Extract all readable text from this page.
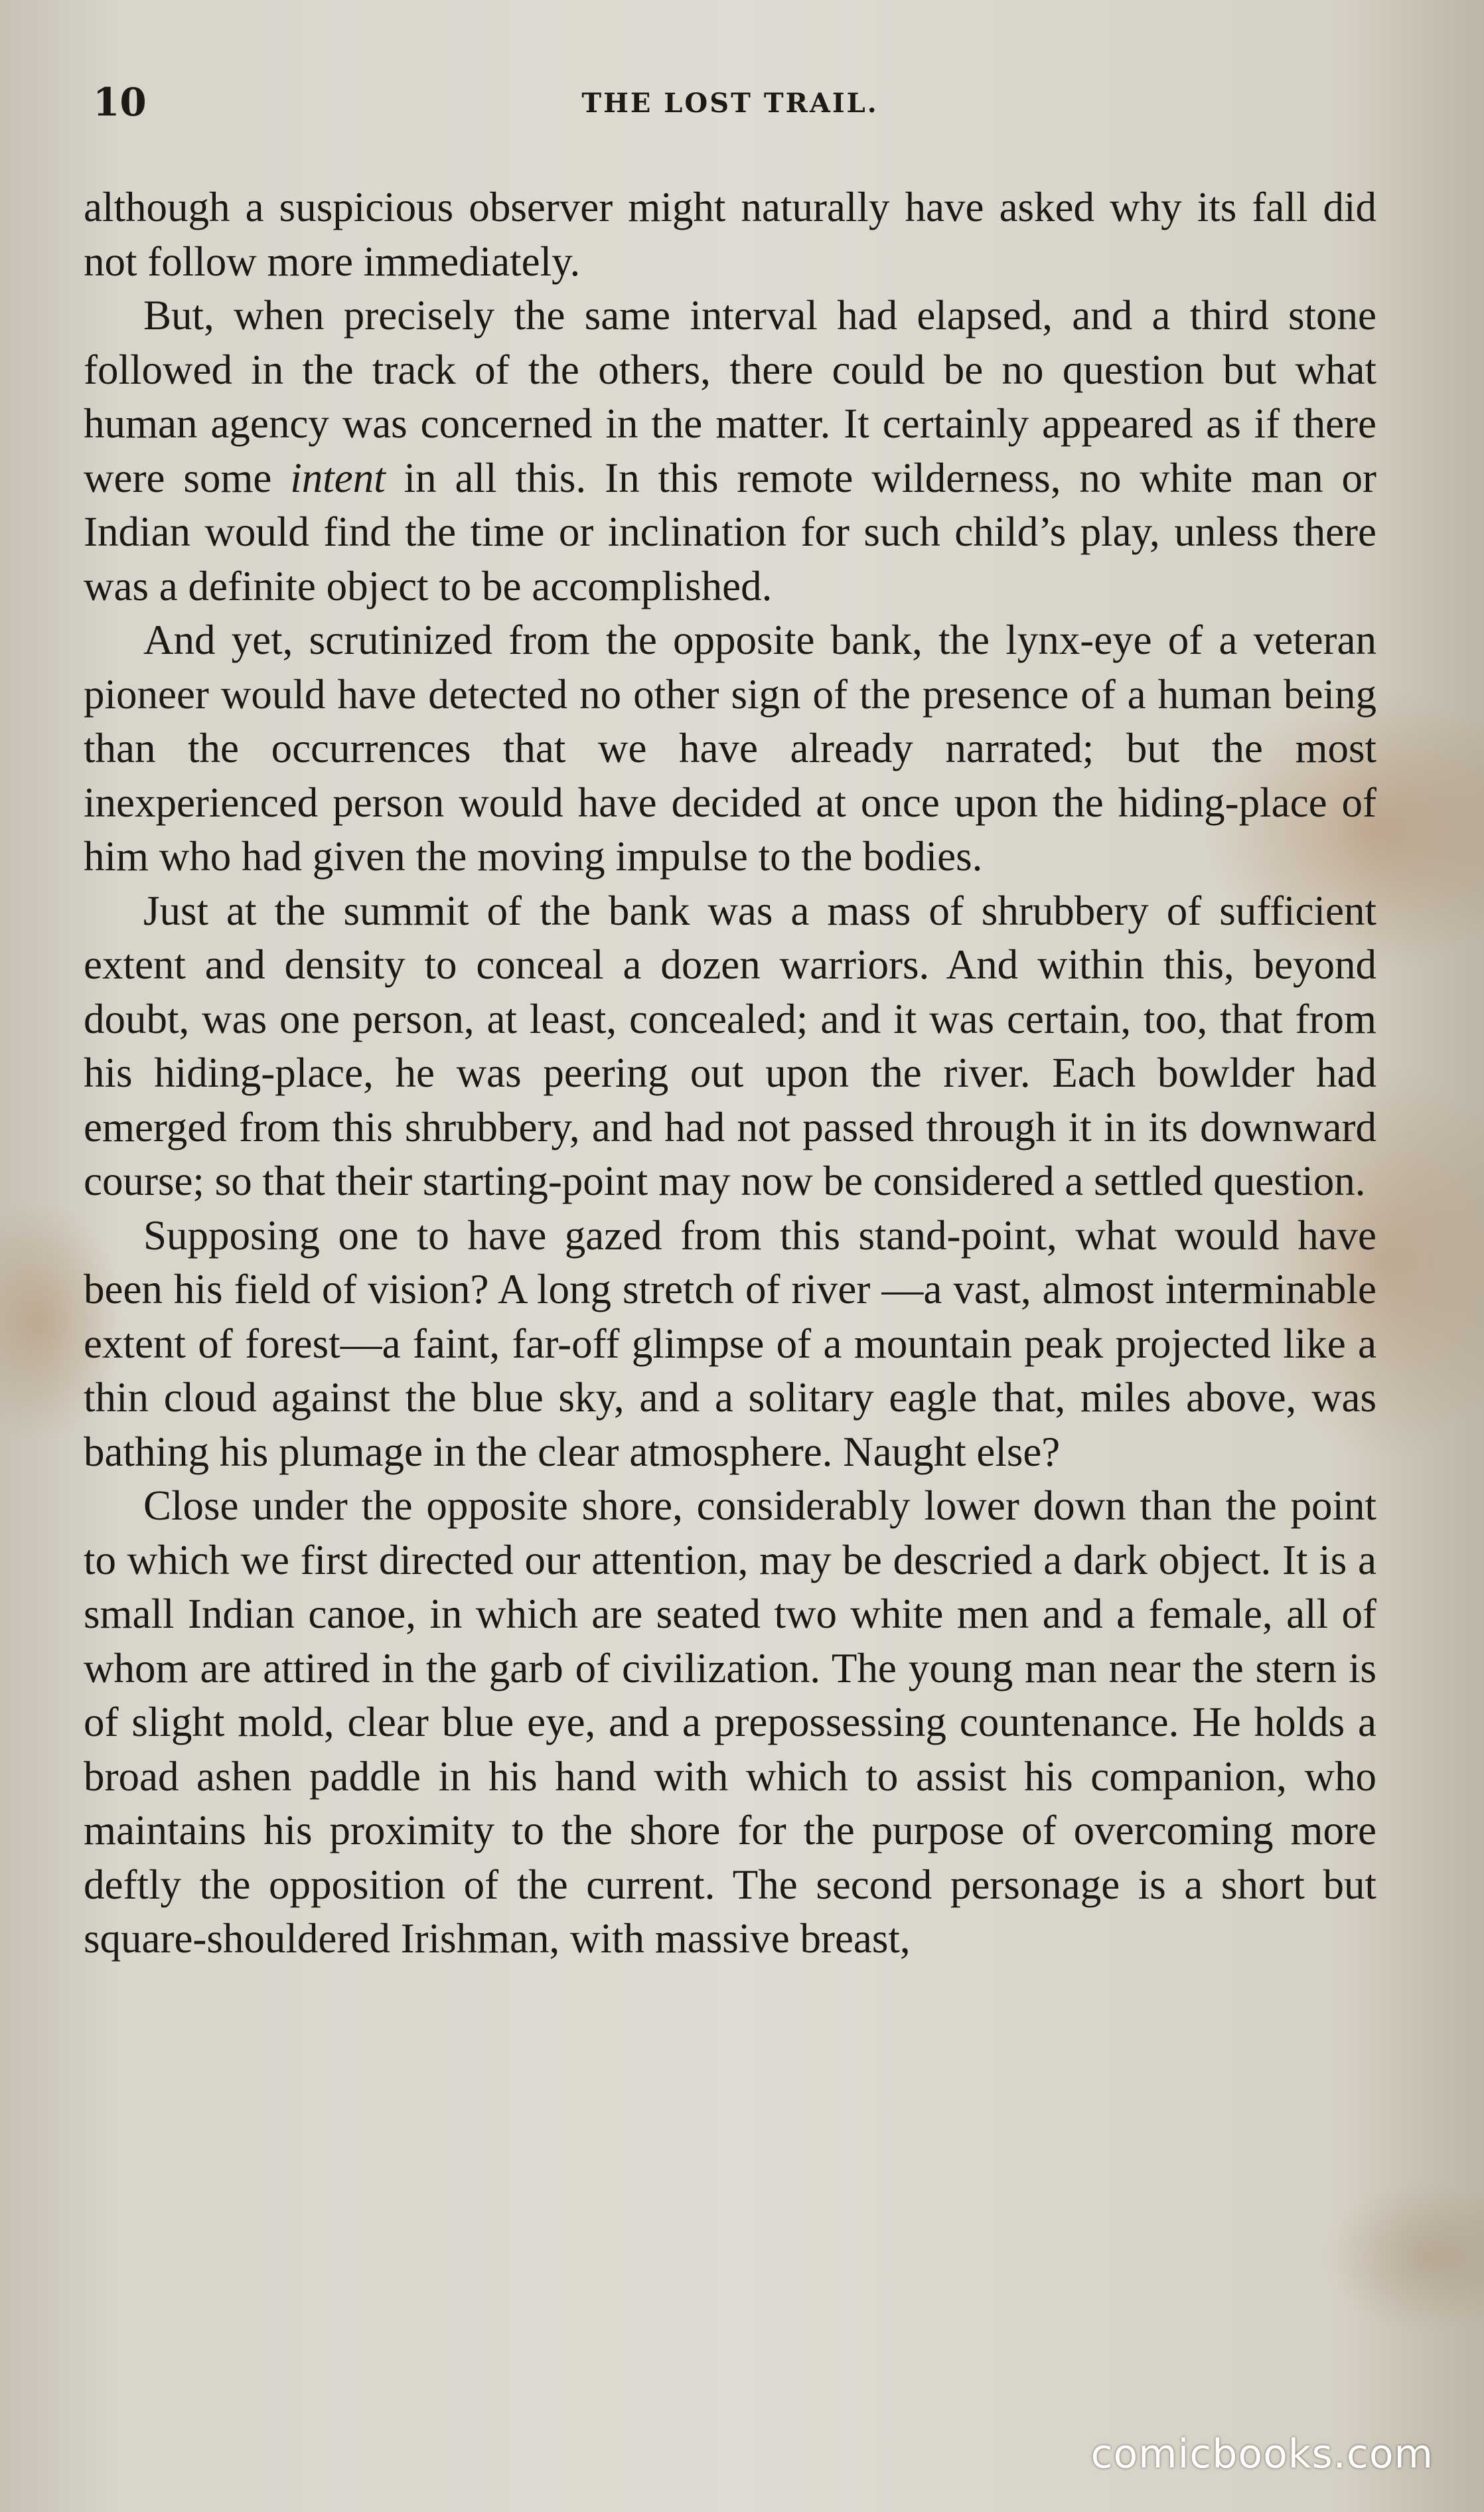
10	THE LOST TRAIL.

although a suspicious observer might naturally have asked why its fall did not follow more immediately.

But, when precisely the same interval had elapsed, and a third stone followed in the track of the others, there could be no question but what human agency was concerned in the matter. It certainly appeared as if there were some intent in all this. In this remote wilderness, no white man or Indian would find the time or inclination for such child’s play, unless there was a definite object to be accomplished.

And yet, scrutinized from the opposite bank, the lynx-eye of a veteran pioneer would have detected no other sign of the presence of a human being than the occurrences that we have already narrated; but the most inexperienced person would have decided at once upon the hiding-place of him who had given the moving impulse to the bodies.

Just at the summit of the bank was a mass of shrubbery of sufficient extent and density to conceal a dozen warriors. And within this, beyond doubt, was one person, at least, concealed; and it was certain, too, that from his hiding-place, he was peering out upon the river. Each bowlder had emerged from this shrubbery, and had not passed through it in its downward course; so that their starting-point may now be considered a settled question.

Supposing one to have gazed from this stand-point, what would have been his field of vision? A long stretch of river —a vast, almost interminable extent of forest—a faint, far-off glimpse of a mountain peak projected like a thin cloud against the blue sky, and a solitary eagle that, miles above, was bathing his plumage in the clear atmosphere. Naught else?

Close under the opposite shore, considerably lower down than the point to which we first directed our attention, may be descried a dark object. It is a small Indian canoe, in which are seated two white men and a female, all of whom are attired in the garb of civilization. The young man near the stern is of slight mold, clear blue eye, and a prepossessing countenance. He holds a broad ashen paddle in his hand with which to assist his companion, who maintains his proximity to the shore for the purpose of overcoming more deftly the opposition of the current. The second personage is a short but square-shouldered Irishman, with massive breast,

comicbooks.com
